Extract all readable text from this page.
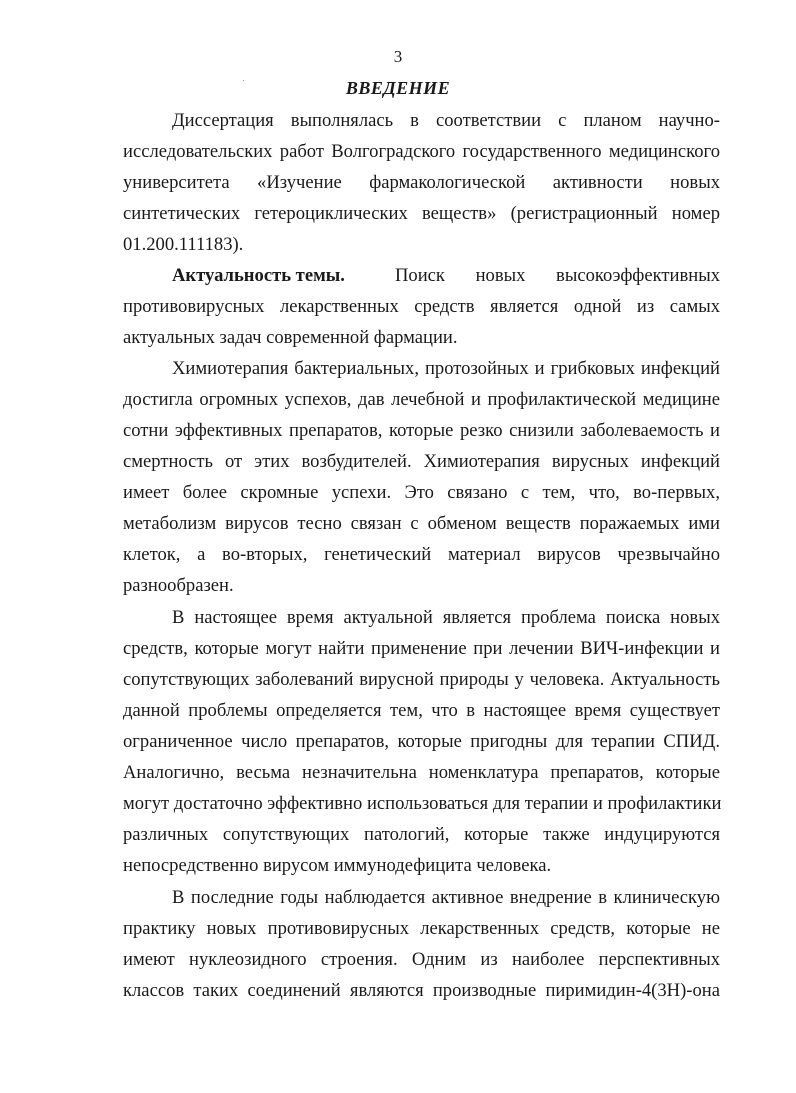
3
ВВЕДЕНИЕ
Диссертация выполнялась в соответствии с планом научно-
исследовательских работ Волгоградского государственного медицинского
университета «Изучение фармакологической активности новых
синтетических гетероциклических веществ» (регистрационный номер
01.200.111183).
Актуальность темы.	Поиск новых высокоэффективных
противовирусных лекарственных средств является одной из самых
актуальных задач современной фармации.
Химиотерапия бактериальных, протозойных и грибковых инфекций
достигла огромных успехов, дав лечебной и профилактической медицине
сотни эффективных препаратов, которые резко снизили заболеваемость и
смертность от этих возбудителей. Химиотерапия вирусных инфекций
имеет более скромные успехи. Это связано с тем, что, во-первых,
метаболизм вирусов тесно связан с обменом веществ поражаемых ими
клеток, а во-вторых, генетический материал вирусов чрезвычайно
разнообразен.
В настоящее время актуальной является проблема поиска новых
средств, которые могут найти применение при лечении ВИЧ-инфекции и
сопутствующих заболеваний вирусной природы у человека. Актуальность
данной проблемы определяется тем, что в настоящее время существует
ограниченное число препаратов, которые пригодны для терапии СПИД.
Аналогично, весьма незначительна номенклатура препаратов, которые
могут достаточно эффективно использоваться для терапии и профилактики
различных сопутствующих патологий, которые также индуцируются
непосредственно вирусом иммунодефицита человека.
В последние годы наблюдается активное внедрение в клиническую
практику новых противовирусных лекарственных средств, которые не
имеют нуклеозидного строения. Одним из наиболее перспективных
классов таких соединений являются производные пиримидин-4(3H)-она
